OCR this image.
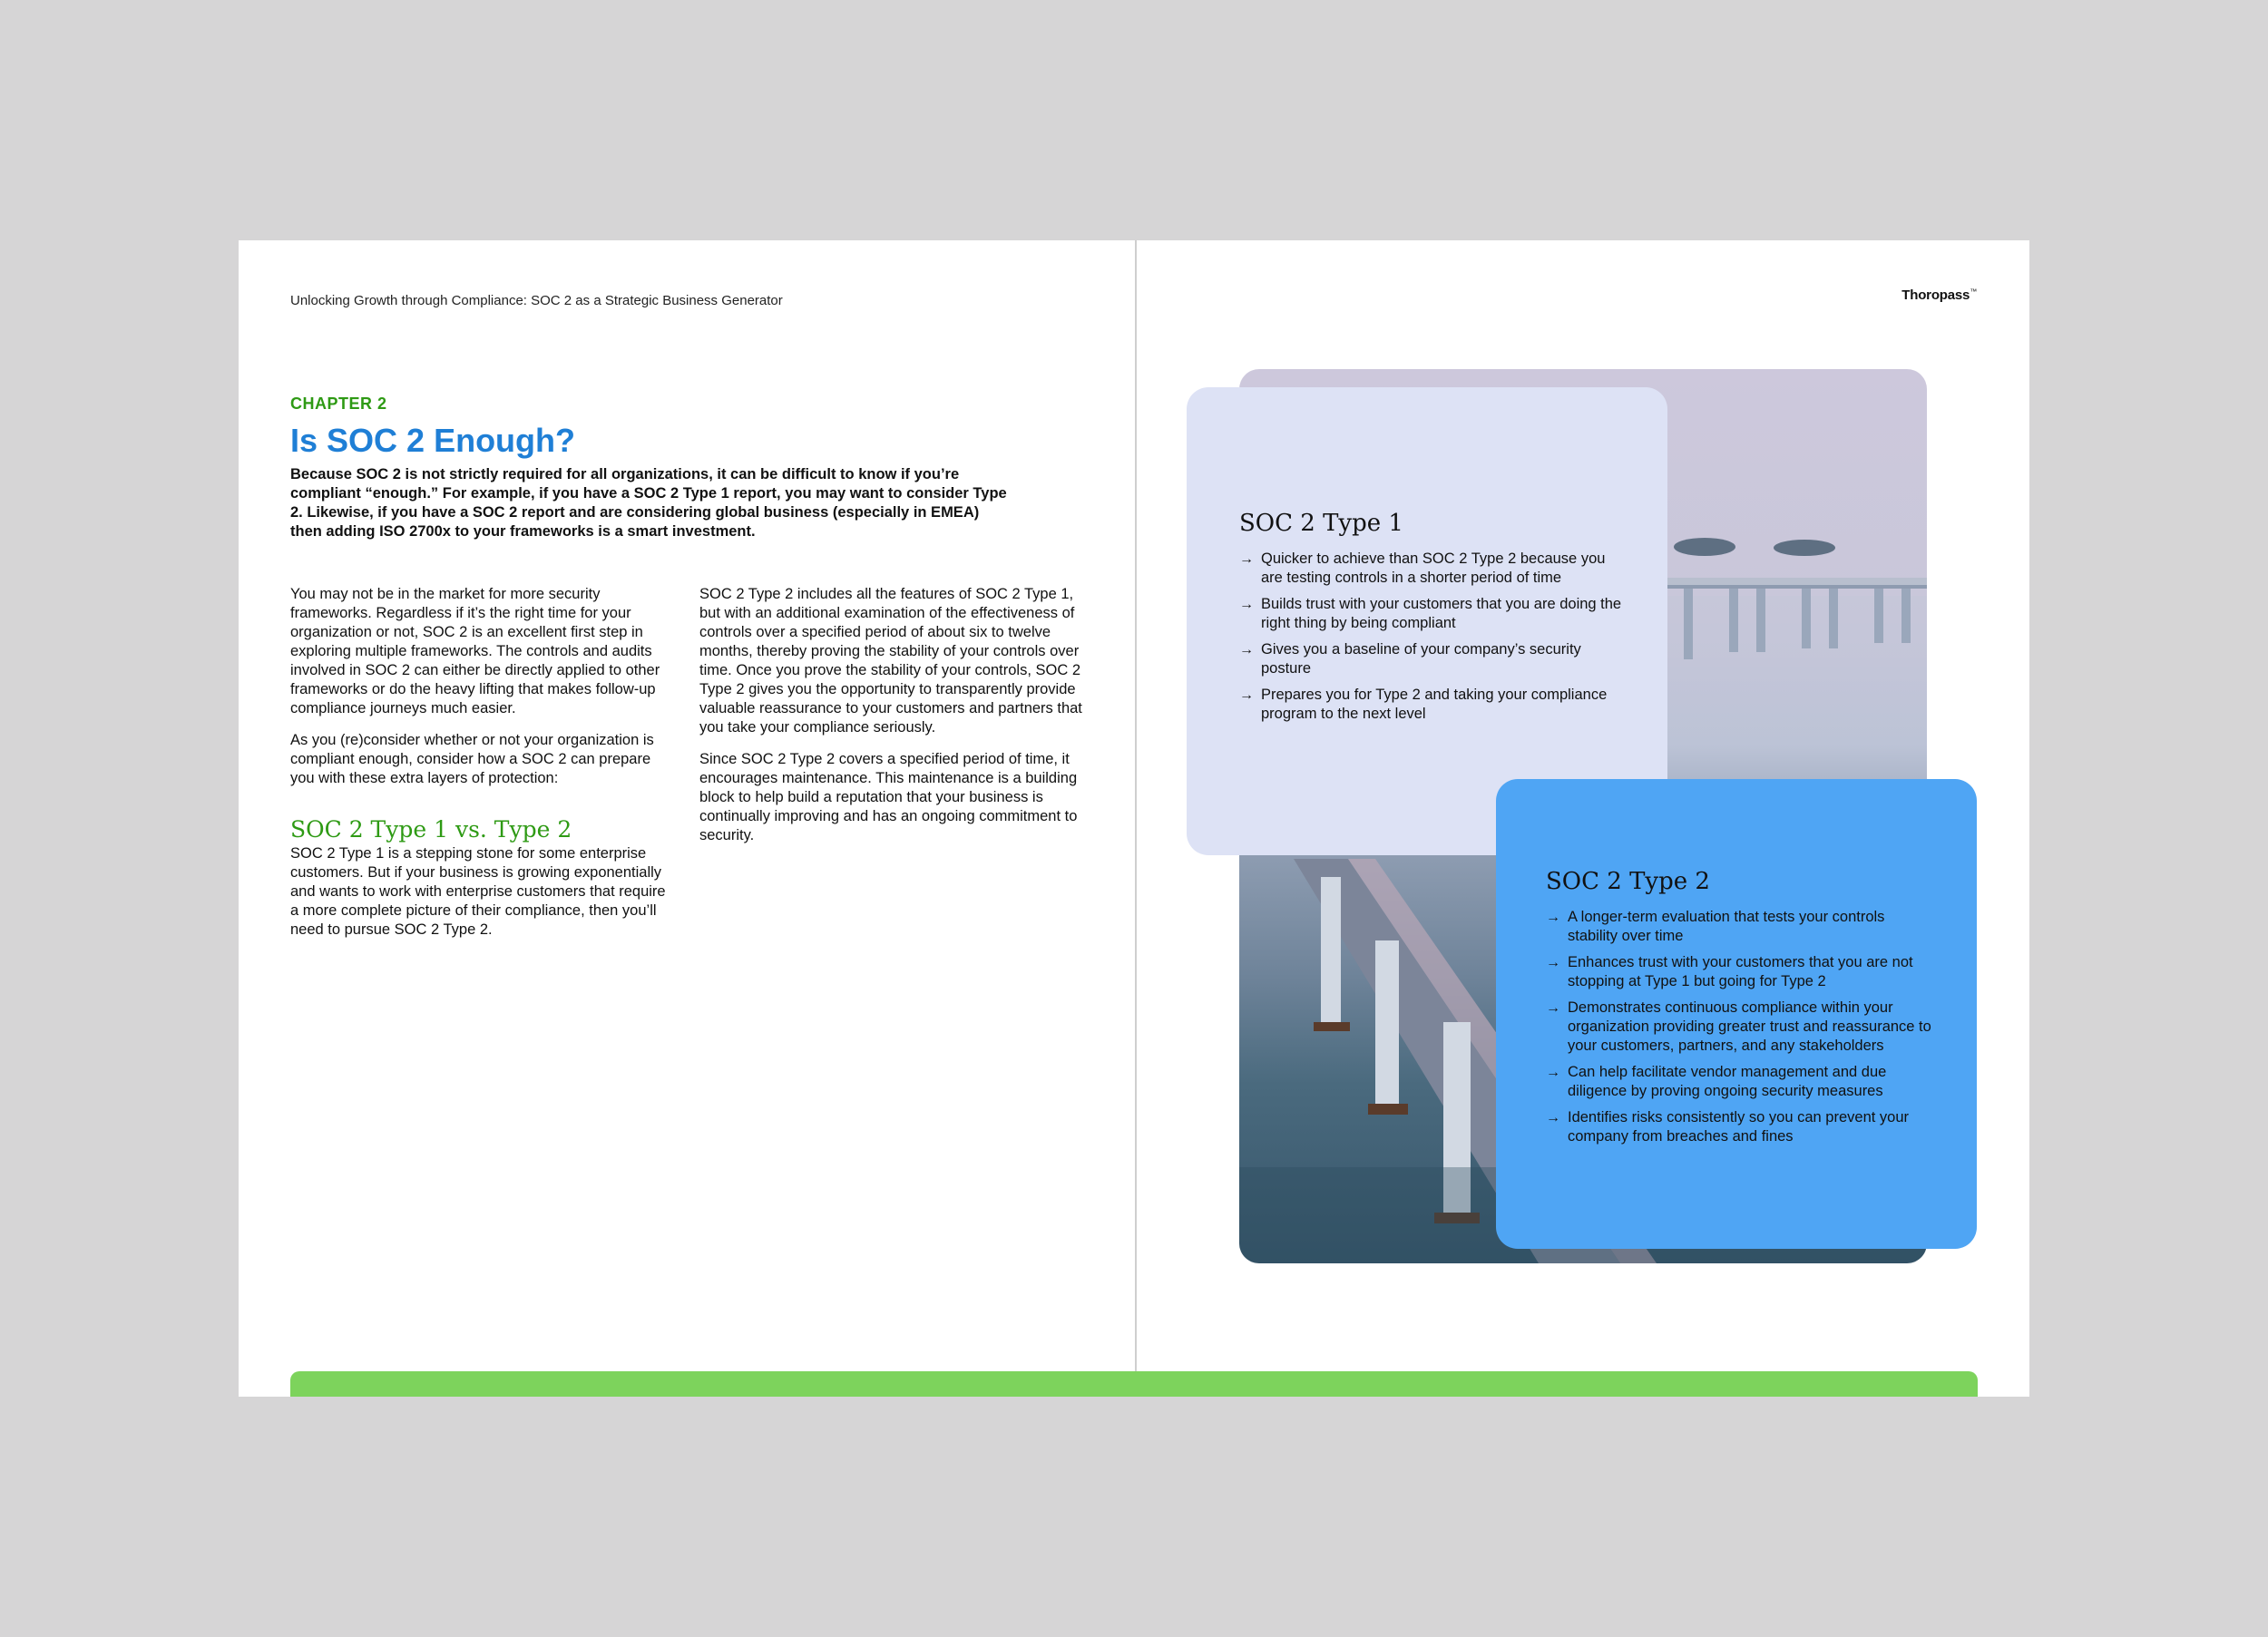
Unlocking Growth through Compliance: SOC 2 as a Strategic Business Generator	Thoropass™
CHAPTER 2
Is SOC 2 Enough?

Because SOC 2 is not strictly required for all organizations, it can be difficult to know if you’re compliant “enough.” For example, if you have a SOC 2 Type 1 report, you may want to consider Type 2. Likewise, if you have a SOC 2 report and are considering global business (especially in EMEA) then adding ISO 2700x to your frameworks is a smart investment.

You may not be in the market for more security frameworks. Regardless if it’s the right time for your organization or not, SOC 2 is an excellent first step in exploring multiple frameworks. The controls and audits involved in SOC 2 can either be directly applied to other frameworks or do the heavy lifting that makes follow-up compliance journeys much easier.

As you (re)consider whether or not your organization is compliant enough, consider how a SOC 2 can prepare you with these extra layers of protection:

SOC 2 Type 1 vs. Type 2

SOC 2 Type 1 is a stepping stone for some enterprise customers. But if your business is growing exponentially and wants to work with enterprise customers that require a more complete picture of their compliance, then you’ll need to pursue SOC 2 Type 2.

SOC 2 Type 2 includes all the features of SOC 2 Type 1, but with an additional examination of the effectiveness of controls over a specified period of about six to twelve months, thereby proving the stability of your controls over time. Once you prove the stability of your controls, SOC 2 Type 2 gives you the opportunity to transparently provide valuable reassurance to your customers and partners that you take your compliance seriously.

Since SOC 2 Type 2 covers a specified period of time, it encourages maintenance. This maintenance is a building block to help build a reputation that your business is continually improving and has an ongoing commitment to security.

SOC 2 Type 1
→ Quicker to achieve than SOC 2 Type 2 because you are testing controls in a shorter period of time
→ Builds trust with your customers that you are doing the right thing by being compliant
→ Gives you a baseline of your company’s security posture
→ Prepares you for Type 2 and taking your compliance program to the next level
SOC 2 Type 2
→ A longer-term evaluation that tests your controls stability over time
→ Enhances trust with your customers that you are not stopping at Type 1 but going for Type 2
→ Demonstrates continuous compliance within your organization providing greater trust and reassurance to your customers, partners, and any stakeholders
→ Can help facilitate vendor management and due diligence by proving ongoing security measures
→ Identifies risks consistently so you can prevent your company from breaches and fines
